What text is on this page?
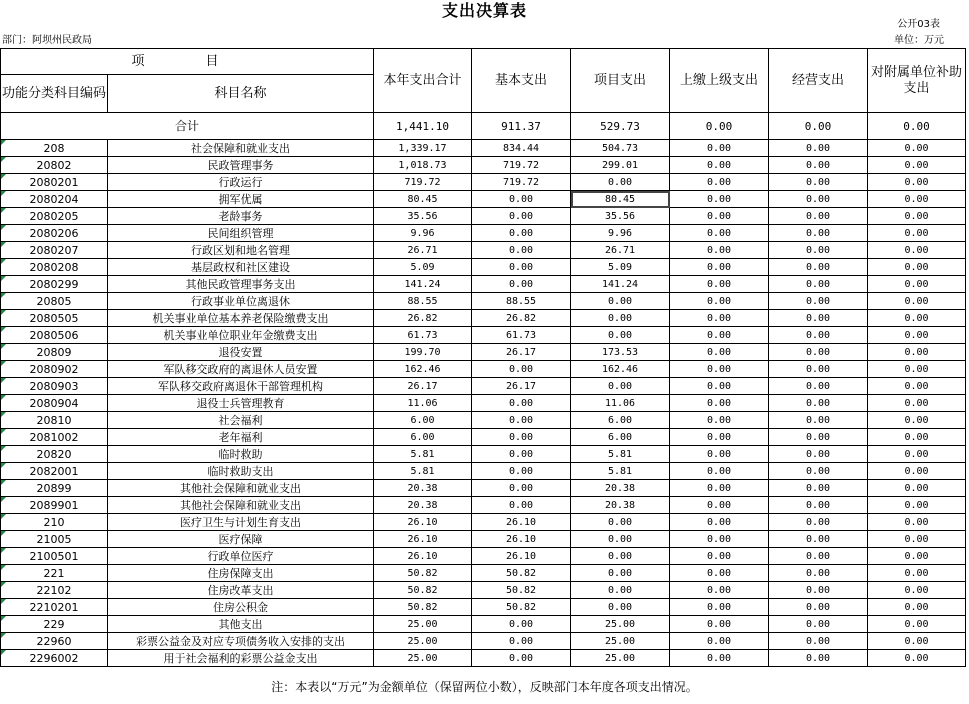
支出决算表
公开03表
部门：阿坝州民政局	单位：万元
项　目		本年支出合计	基本支出	项目支出	上缴上级支出	经营支出	对附属单位补助支出
功能分类科目编码	科目名称						
合计		1,441.10	911.37	529.73	0.00	0.00	0.00
208	社会保障和就业支出	1,339.17	834.44	504.73	0.00	0.00	0.00
20802	民政管理事务	1,018.73	719.72	299.01	0.00	0.00	0.00
2080201	行政运行	719.72	719.72	0.00	0.00	0.00	0.00
2080204	拥军优属	80.45	0.00	80.45	0.00	0.00	0.00
2080205	老龄事务	35.56	0.00	35.56	0.00	0.00	0.00
2080206	民间组织管理	9.96	0.00	9.96	0.00	0.00	0.00
2080207	行政区划和地名管理	26.71	0.00	26.71	0.00	0.00	0.00
2080208	基层政权和社区建设	5.09	0.00	5.09	0.00	0.00	0.00
2080299	其他民政管理事务支出	141.24	0.00	141.24	0.00	0.00	0.00
20805	行政事业单位离退休	88.55	88.55	0.00	0.00	0.00	0.00
2080505	机关事业单位基本养老保险缴费支出	26.82	26.82	0.00	0.00	0.00	0.00
2080506	机关事业单位职业年金缴费支出	61.73	61.73	0.00	0.00	0.00	0.00
20809	退役安置	199.70	26.17	173.53	0.00	0.00	0.00
2080902	军队移交政府的离退休人员安置	162.46	0.00	162.46	0.00	0.00	0.00
2080903	军队移交政府离退休干部管理机构	26.17	26.17	0.00	0.00	0.00	0.00
2080904	退役士兵管理教育	11.06	0.00	11.06	0.00	0.00	0.00
20810	社会福利	6.00	0.00	6.00	0.00	0.00	0.00
2081002	老年福利	6.00	0.00	6.00	0.00	0.00	0.00
20820	临时救助	5.81	0.00	5.81	0.00	0.00	0.00
2082001	临时救助支出	5.81	0.00	5.81	0.00	0.00	0.00
20899	其他社会保障和就业支出	20.38	0.00	20.38	0.00	0.00	0.00
2089901	其他社会保障和就业支出	20.38	0.00	20.38	0.00	0.00	0.00
210	医疗卫生与计划生育支出	26.10	26.10	0.00	0.00	0.00	0.00
21005	医疗保障	26.10	26.10	0.00	0.00	0.00	0.00
2100501	行政单位医疗	26.10	26.10	0.00	0.00	0.00	0.00
221	住房保障支出	50.82	50.82	0.00	0.00	0.00	0.00
22102	住房改革支出	50.82	50.82	0.00	0.00	0.00	0.00
2210201	住房公积金	50.82	50.82	0.00	0.00	0.00	0.00
229	其他支出	25.00	0.00	25.00	0.00	0.00	0.00
22960	彩票公益金及对应专项债务收入安排的支出	25.00	0.00	25.00	0.00	0.00	0.00
2296002	用于社会福利的彩票公益金支出	25.00	0.00	25.00	0.00	0.00	0.00
注：本表以“万元”为金额单位（保留两位小数），反映部门本年度各项支出情况。
